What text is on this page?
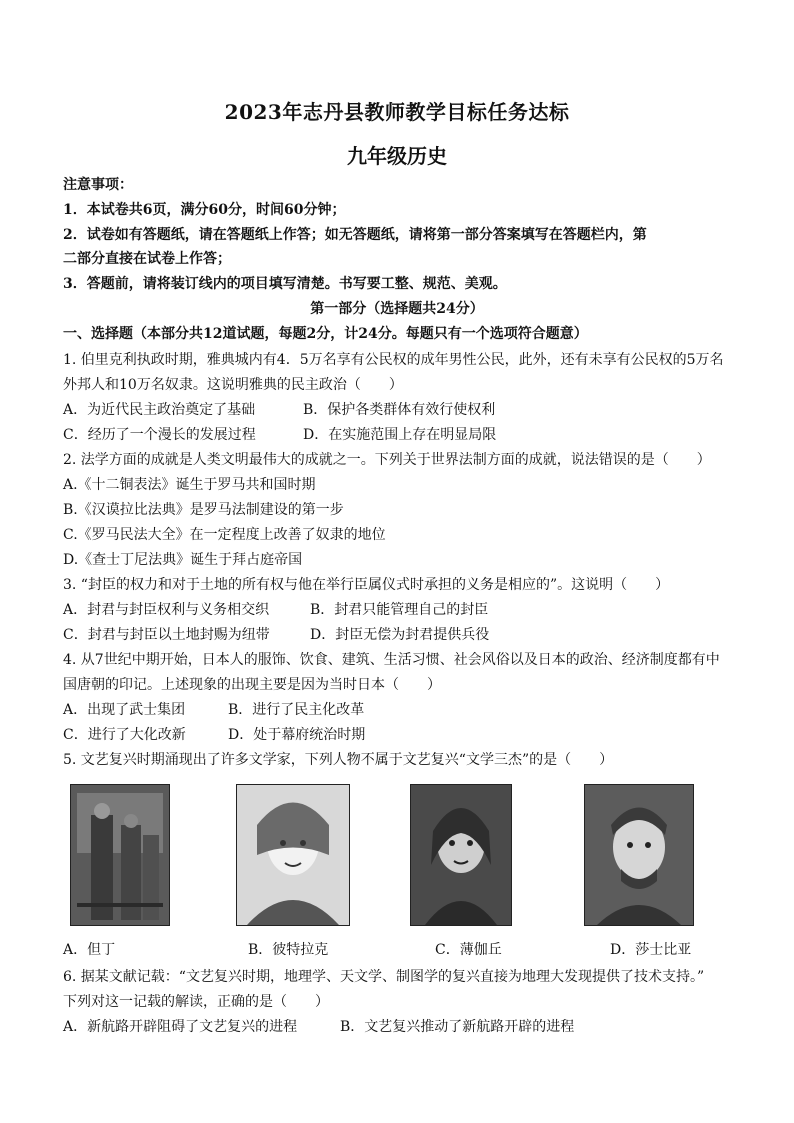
2023年志丹县教师教学目标任务达标
九年级历史
注意事项：
1．本试卷共6页，满分60分，时间60分钟；
2．试卷如有答题纸，请在答题纸上作答；如无答题纸，请将第一部分答案填写在答题栏内，第
二部分直接在试卷上作答；
3．答题前，请将装订线内的项目填写清楚。书写要工整、规范、美观。
第一部分（选择题共24分）
一、选择题（本部分共12道试题，每题2分，计24分。每题只有一个选项符合题意）
1. 伯里克利执政时期，雅典城内有4．5万名享有公民权的成年男性公民，此外，还有未享有公民权的5万名
外邦人和10万名奴隶。这说明雅典的民主政治（　　）
A．为近代民主政治奠定了基础	B．保护各类群体有效行使权利
C．经历了一个漫长的发展过程	D．在实施范围上存在明显局限
2. 法学方面的成就是人类文明最伟大的成就之一。下列关于世界法制方面的成就，说法错误的是（　　）
A.《十二铜表法》诞生于罗马共和国时期
B.《汉谟拉比法典》是罗马法制建设的第一步
C.《罗马民法大全》在一定程度上改善了奴隶的地位
D.《查士丁尼法典》诞生于拜占庭帝国
3. “封臣的权力和对于土地的所有权与他在举行臣属仪式时承担的义务是相应的”。这说明（　　）
A．封君与封臣权利与义务相交织	B．封君只能管理自己的封臣
C．封君与封臣以土地封赐为纽带	D．封臣无偿为封君提供兵役
4. 从7世纪中期开始，日本人的服饰、饮食、建筑、生活习惯、社会风俗以及日本的政治、经济制度都有中
国唐朝的印记。上述现象的出现主要是因为当时日本（　　）
A．出现了武士集团	B．进行了民主化改革
C．进行了大化改新	D．处于幕府统治时期
5. 文艺复兴时期涌现出了许多文学家，下列人物不属于文艺复兴“文学三杰”的是（　　）
A．但丁	B．彼特拉克	C．薄伽丘	D．莎士比亚
6. 据某文献记载：“文艺复兴时期，地理学、天文学、制图学的复兴直接为地理大发现提供了技术支持。”
下列对这一记载的解读，正确的是（　　）
A．新航路开辟阻碍了文艺复兴的进程	B．文艺复兴推动了新航路开辟的进程
